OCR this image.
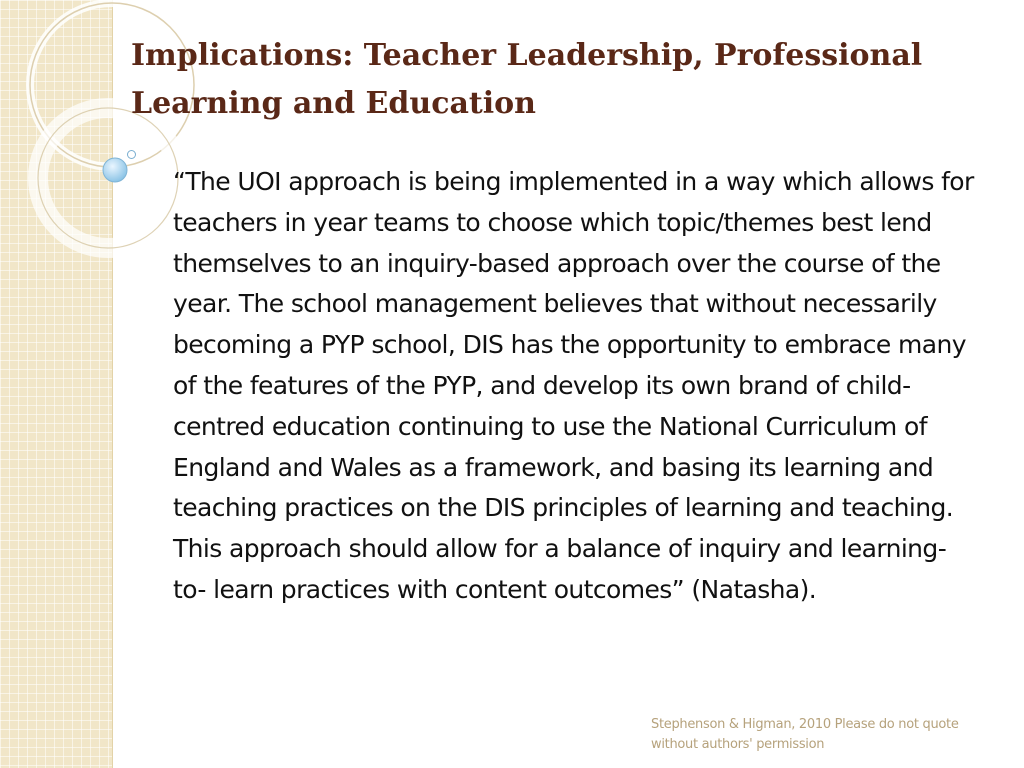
Implications: Teacher Leadership, Professional Learning and Education

“The UOI approach is being implemented in a way which allows for teachers in year teams to choose which topic/themes best lend themselves to an inquiry-based approach over the course of the year. The school management believes that without necessarily becoming a PYP school, DIS has the opportunity to embrace many of the features of the PYP, and develop its own brand of child- centred education continuing to use the National Curriculum of England and Wales as a framework, and basing its learning and teaching practices on the DIS principles of learning and teaching. This approach should allow for a balance of inquiry and learning- to- learn practices with content outcomes” (Natasha).

Stephenson & Higman, 2010 Please do not quote without authors' permission
